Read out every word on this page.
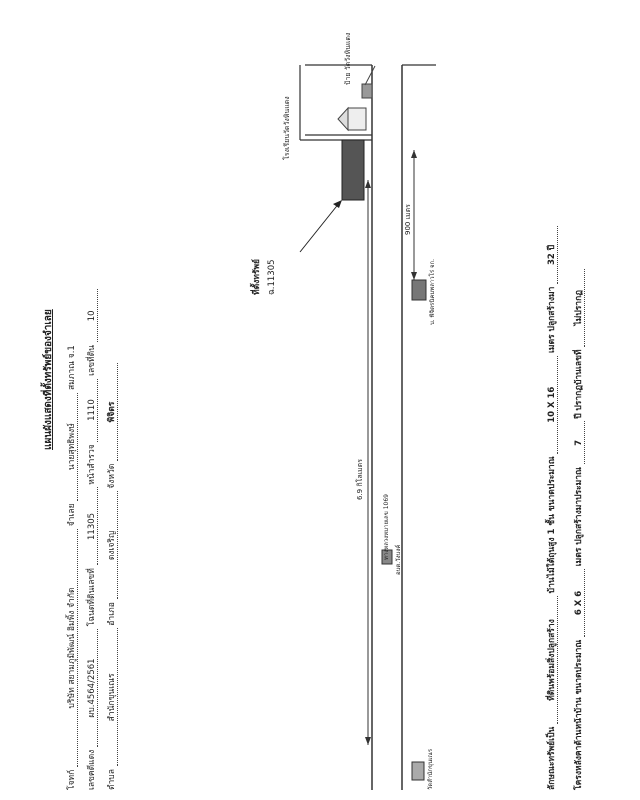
แผนผังแสดงที่ตั้งทรัพย์ของจำเลย
โจทก์ บริษัท สยามภูมิพัฒน์ อิมพิ้ง จำกัด จำเลย นายสุทธิพงษ์ สมภาณ จ.1
เลขคดีแดง ผบ.4564/2561 โฉนดที่ดินเลขที่ 11305 หน้าสำรวจ 1110 เลขที่ดิน 10
ตำบล สำนักขุนเณร อำเภอ ดงเจริญ จังหวัด พิจิตร
ที่ตั้งทรัพย์ ฉ.11305
โรงเรียนวัดวังหินแดง
ป้าย วัดวังหินแดง
6.9 กิโลเมตร
900 เมตร
ทางหลวงหมายเลข 1069 อบต.วังบงค์
บ. พิจิตรนิคมพลาวโร่ จก.
วัดสำนักขุนเณร	ลักษณะทรัพย์เป็น ที่ดินพร้อมสิ่งปลูกสร้าง บ้านไม้ใต้ถุนสูง 1 ชั้น ขนาดประมาณ 10 X 16 เมตร ปลูกสร้างมา 32 ปี
โครงหลังคาด้านหน้าบ้าน ขนาดประมาณ 6 X 6 เมตร ปลูกสร้างมาประมาณ 7 ปี ปรากฏบ้านเลขที่ ไม่ปรากฏ
